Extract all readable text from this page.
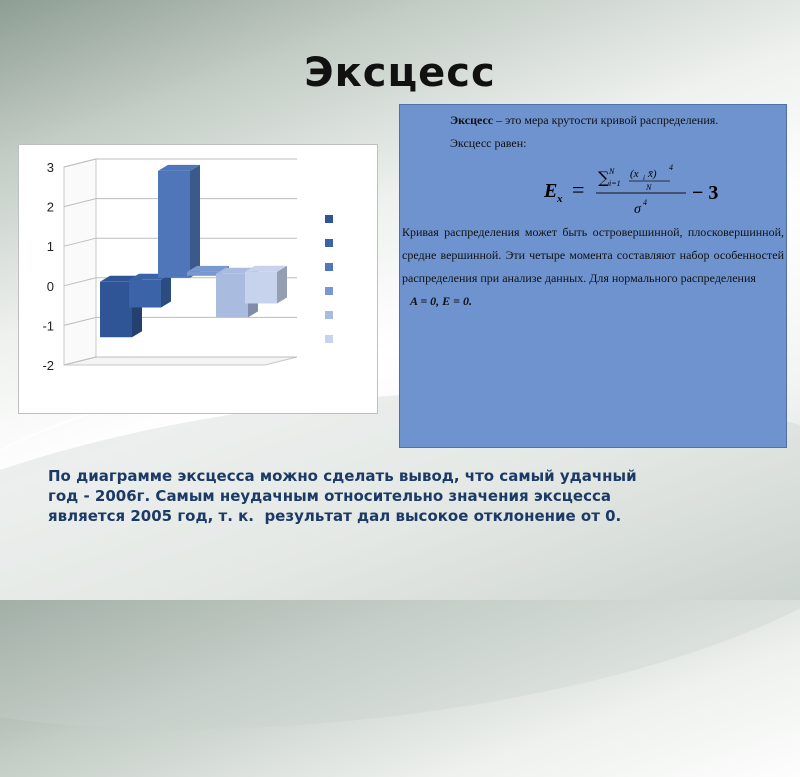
Эксцесс
3
2
1
0
-1
-2

Эксцесс – это мера крутости кривой распределения.

Эксцесс равен:

E x = ∑ N
i=1
(x i x̄)
4
N
σ 4 − 3

Кривая распределения может быть островершинной, плосковершинной, средне вершинной. Эти четыре момента составляют набор особенностей распределения при анализе данных. Для нормального распределения

A = 0, E = 0.

По диаграмме эксцесса можно сделать вывод, что самый удачный
год - 2006г. Самым неудачным относительно значения эксцесса
является 2005 год, т. к.  результат дал высокое отклонение от 0.
